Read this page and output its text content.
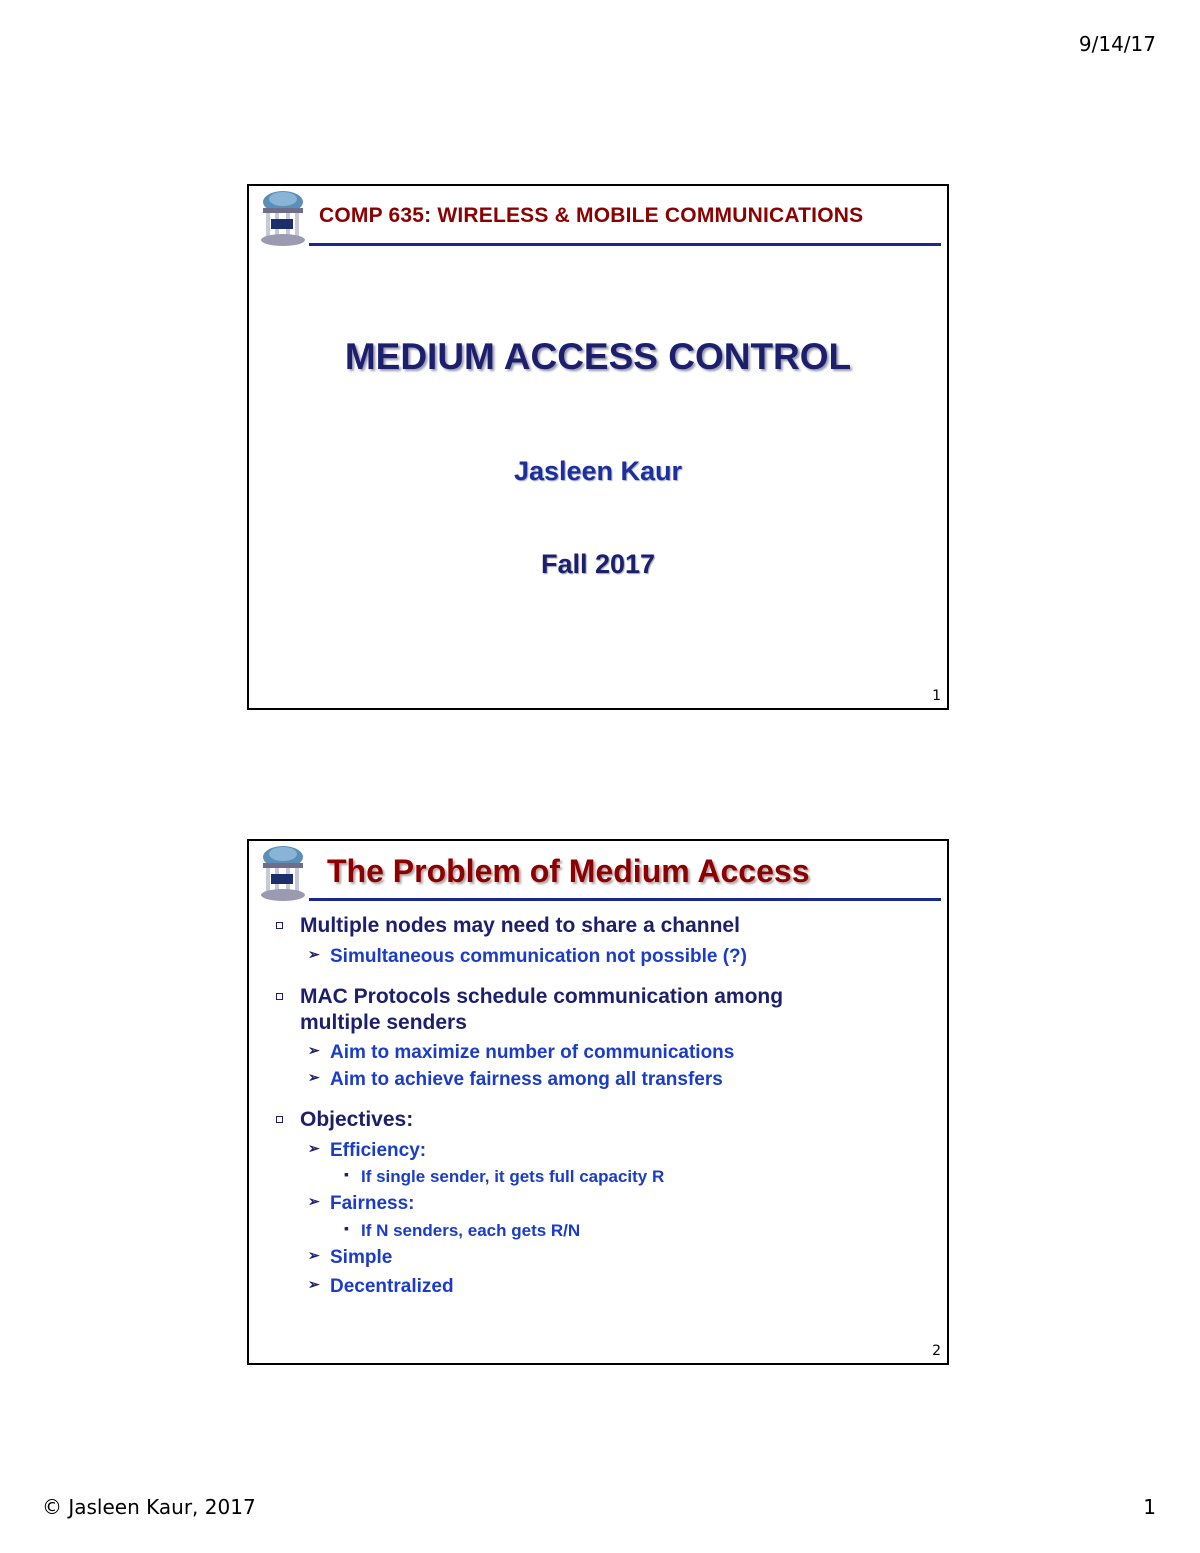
9/14/17
COMP 635: WIRELESS & MOBILE COMMUNICATIONS
MEDIUM ACCESS CONTROL
Jasleen Kaur
Fall 2017
1
The Problem of Medium Access
Multiple nodes may need to share a channel
➢ Simultaneous communication not possible (?)
MAC Protocols schedule communication among
multiple senders
➢ Aim to maximize number of communications
➢ Aim to achieve fairness among all transfers
Objectives:
➢ Efficiency:
▪ If single sender, it gets full capacity R
➢ Fairness:
▪ If N senders, each gets R/N
➢ Simple
➢ Decentralized
2
© Jasleen Kaur, 2017	1
